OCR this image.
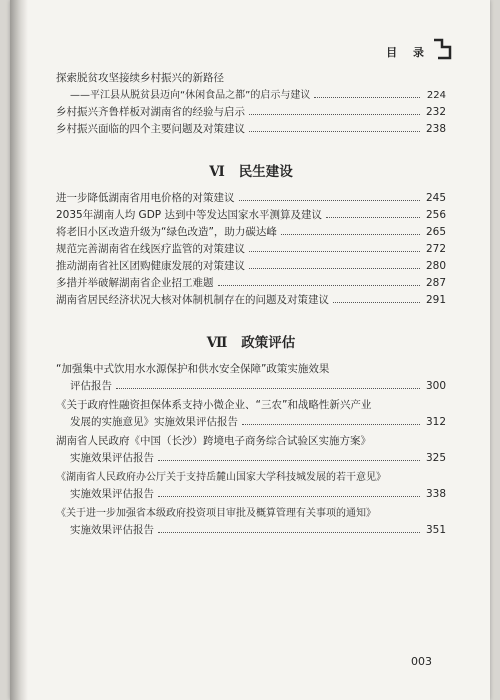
目 录
探索脱贫攻坚接续乡村振兴的新路径
——平江县从脱贫县迈向“休闲食品之都”的启示与建议	224
乡村振兴齐鲁样板对湖南省的经验与启示	232
乡村振兴面临的四个主要问题及对策建议	238
Ⅵ 民生建设
进一步降低湖南省用电价格的对策建议	245
2035年湖南人均 GDP 达到中等发达国家水平测算及建议	256
将老旧小区改造升级为“绿色改造”，助力碳达峰	265
规范完善湖南省在线医疗监管的对策建议	272
推动湖南省社区团购健康发展的对策建议	280
多措并举破解湖南省企业招工难题	287
湖南省居民经济状况大核对体制机制存在的问题及对策建议	291
Ⅶ 政策评估
“加强集中式饮用水水源保护和供水安全保障”政策实施效果
评估报告	300
《关于政府性融资担保体系支持小微企业、“三农”和战略性新兴产业
发展的实施意见》实施效果评估报告	312
湖南省人民政府《中国（长沙）跨境电子商务综合试验区实施方案》
实施效果评估报告	325
《湖南省人民政府办公厅关于支持岳麓山国家大学科技城发展的若干意见》
实施效果评估报告	338
《关于进一步加强省本级政府投资项目审批及概算管理有关事项的通知》
实施效果评估报告	351
003
